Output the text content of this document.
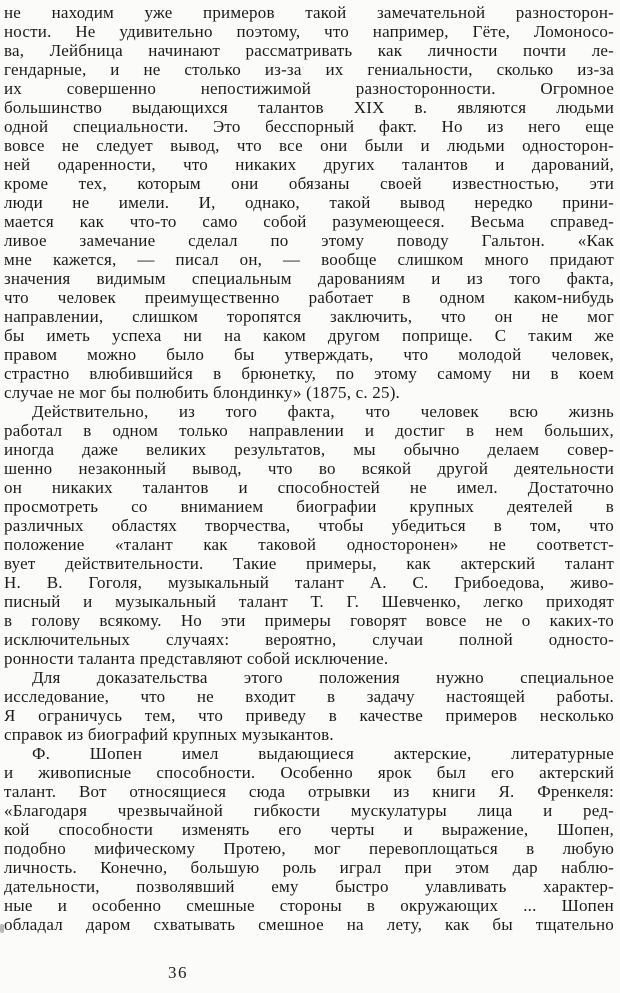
не находим уже примеров такой замечательной разносторон-
ности. Не удивительно поэтому, что например, Гёте, Ломоносо-
ва, Лейбница начинают рассматривать как личности почти ле-
гендарные, и не столько из-за их гениальности, сколько из-за
их совершенно непостижимой разносторонности. Огромное
большинство выдающихся талантов XIX в. являются людьми
одной специальности. Это бесспорный факт. Но из него еще
вовсе не следует вывод, что все они были и людьми односторон-
ней одаренности, что никаких других талантов и дарований,
кроме тех, которым они обязаны своей известностью, эти
люди не имели. И, однако, такой вывод нередко прини-
мается как что-то само собой разумеющееся. Весьма справед-
ливое замечание сделал по этому поводу Гальтон. «Как
мне кажется, — писал он, — вообще слишком много придают
значения видимым специальным дарованиям и из того факта,
что человек преимущественно работает в одном каком-нибудь
направлении, слишком торопятся заключить, что он не мог
бы иметь успеха ни на каком другом поприще. С таким же
правом можно было бы утверждать, что молодой человек,
страстно влюбившийся в брюнетку, по этому самому ни в коем
случае не мог бы полюбить блондинку» (1875, с. 25).
Действительно, из того факта, что человек всю жизнь
работал в одном только направлении и достиг в нем больших,
иногда даже великих результатов, мы обычно делаем совер-
шенно незаконный вывод, что во всякой другой деятельности
он никаких талантов и способностей не имел. Достаточно
просмотреть со вниманием биографии крупных деятелей в
различных областях творчества, чтобы убедиться в том, что
положение «талант как таковой односторонен» не соответст-
вует действительности. Такие примеры, как актерский талант
Н. В. Гоголя, музыкальный талант А. С. Грибоедова, живо-
писный и музыкальный талант Т. Г. Шевченко, легко приходят
в голову всякому. Но эти примеры говорят вовсе не о каких-то
исключительных случаях: вероятно, случаи полной односто-
ронности таланта представляют собой исключение.
Для доказательства этого положения нужно специальное
исследование, что не входит в задачу настоящей работы.
Я ограничусь тем, что приведу в качестве примеров несколько
справок из биографий крупных музыкантов.
Ф. Шопен имел выдающиеся актерские, литературные
и живописные способности. Особенно ярок был его актерский
талант. Вот относящиеся сюда отрывки из книги Я. Френкеля:
«Благодаря чрезвычайной гибкости мускулатуры лица и ред-
кой способности изменять его черты и выражение, Шопен,
подобно мифическому Протею, мог перевоплощаться в любую
личность. Конечно, большую роль играл при этом дар наблю-
дательности, позволявший ему быстро улавливать характер-
ные и особенно смешные стороны в окружающих ... Шопен
обладал даром схватывать смешное на лету, как бы тщательно
36
